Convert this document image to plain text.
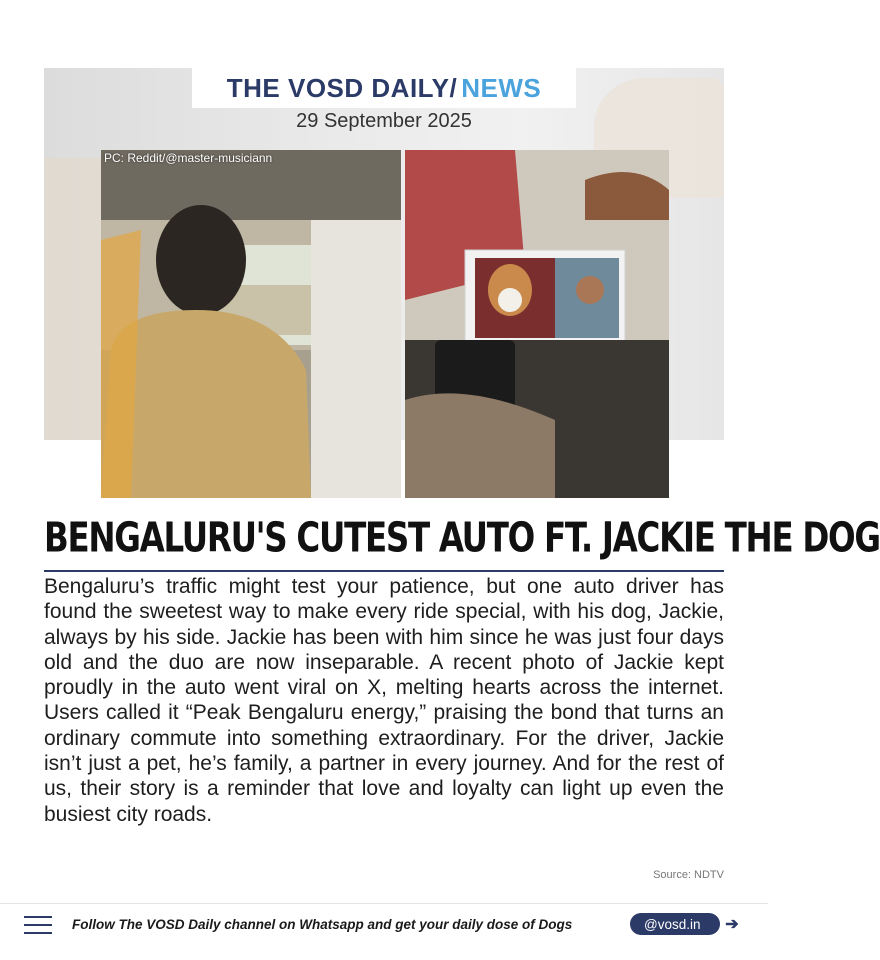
THE VOSD DAILY/ NEWS
29 September 2025
PC: Reddit/@master-musiciann
BENGALURU'S CUTEST AUTO FT. JACKIE THE DOG
Bengaluru’s traffic might test your patience, but one auto driver has found the sweetest way to make every ride special, with his dog, Jackie, always by his side. Jackie has been with him since he was just four days old and the duo are now inseparable. A recent photo of Jackie kept proudly in the auto went viral on X, melting hearts across the internet. Users called it “Peak Bengaluru energy,” praising the bond that turns an ordinary commute into something extraordinary. For the driver, Jackie isn’t just a pet, he’s family, a partner in every journey. And for the rest of us, their story is a reminder that love and loyalty can light up even the busiest city roads.
Source: NDTV
Follow The VOSD Daily channel on Whatsapp and get your daily dose of Dogs	@vosd.in ➔
